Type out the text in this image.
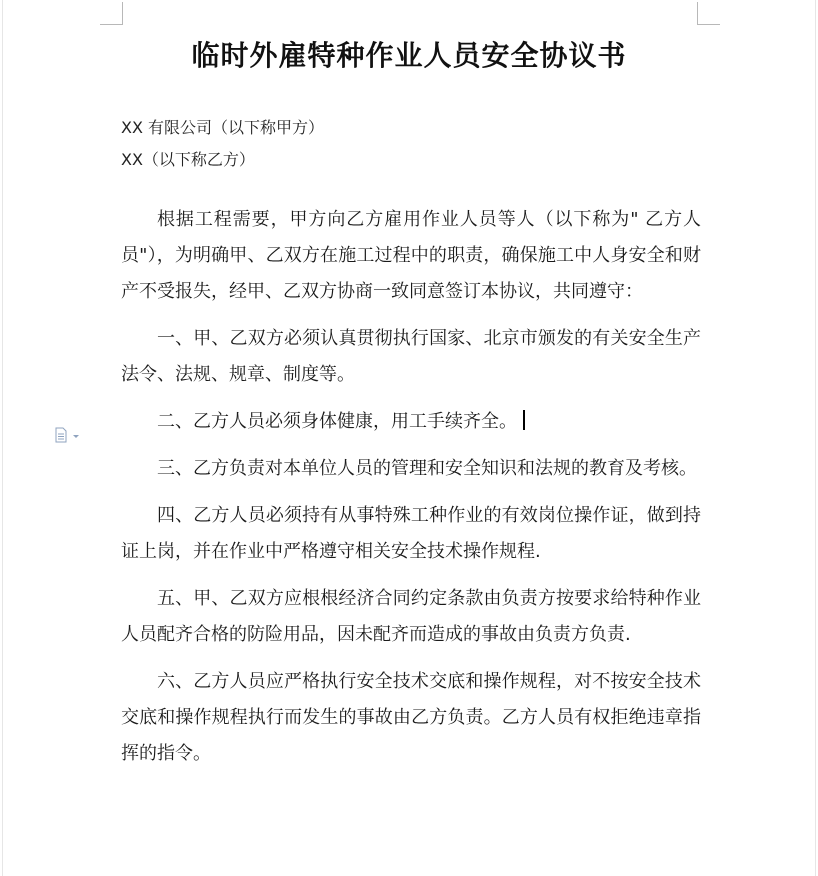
临时外雇特种作业人员安全协议书
XX 有限公司（以下称甲方）
XX（以下称乙方）

根据工程需要，甲方向乙方雇用作业人员等人（以下称为" 乙方人员"），为明确甲、乙双方在施工过程中的职责，确保施工中人身安全和财产不受报失，经甲、乙双方协商一致同意签订本协议，共同遵守：

一、甲、乙双方必须认真贯彻执行国家、北京市颁发的有关安全生产法令、法规、规章、制度等。

二、乙方人员必须身体健康，用工手续齐全。

三、乙方负责对本单位人员的管理和安全知识和法规的教育及考核。

四、乙方人员必须持有从事特殊工种作业的有效岗位操作证，做到持证上岗，并在作业中严格遵守相关安全技术操作规程.

五、甲、乙双方应根根经济合同约定条款由负责方按要求给特种作业人员配齐合格的防险用品，因未配齐而造成的事故由负责方负责.

六、乙方人员应严格执行安全技术交底和操作规程，对不按安全技术交底和操作规程执行而发生的事故由乙方负责。乙方人员有权拒绝违章指挥的指令。
